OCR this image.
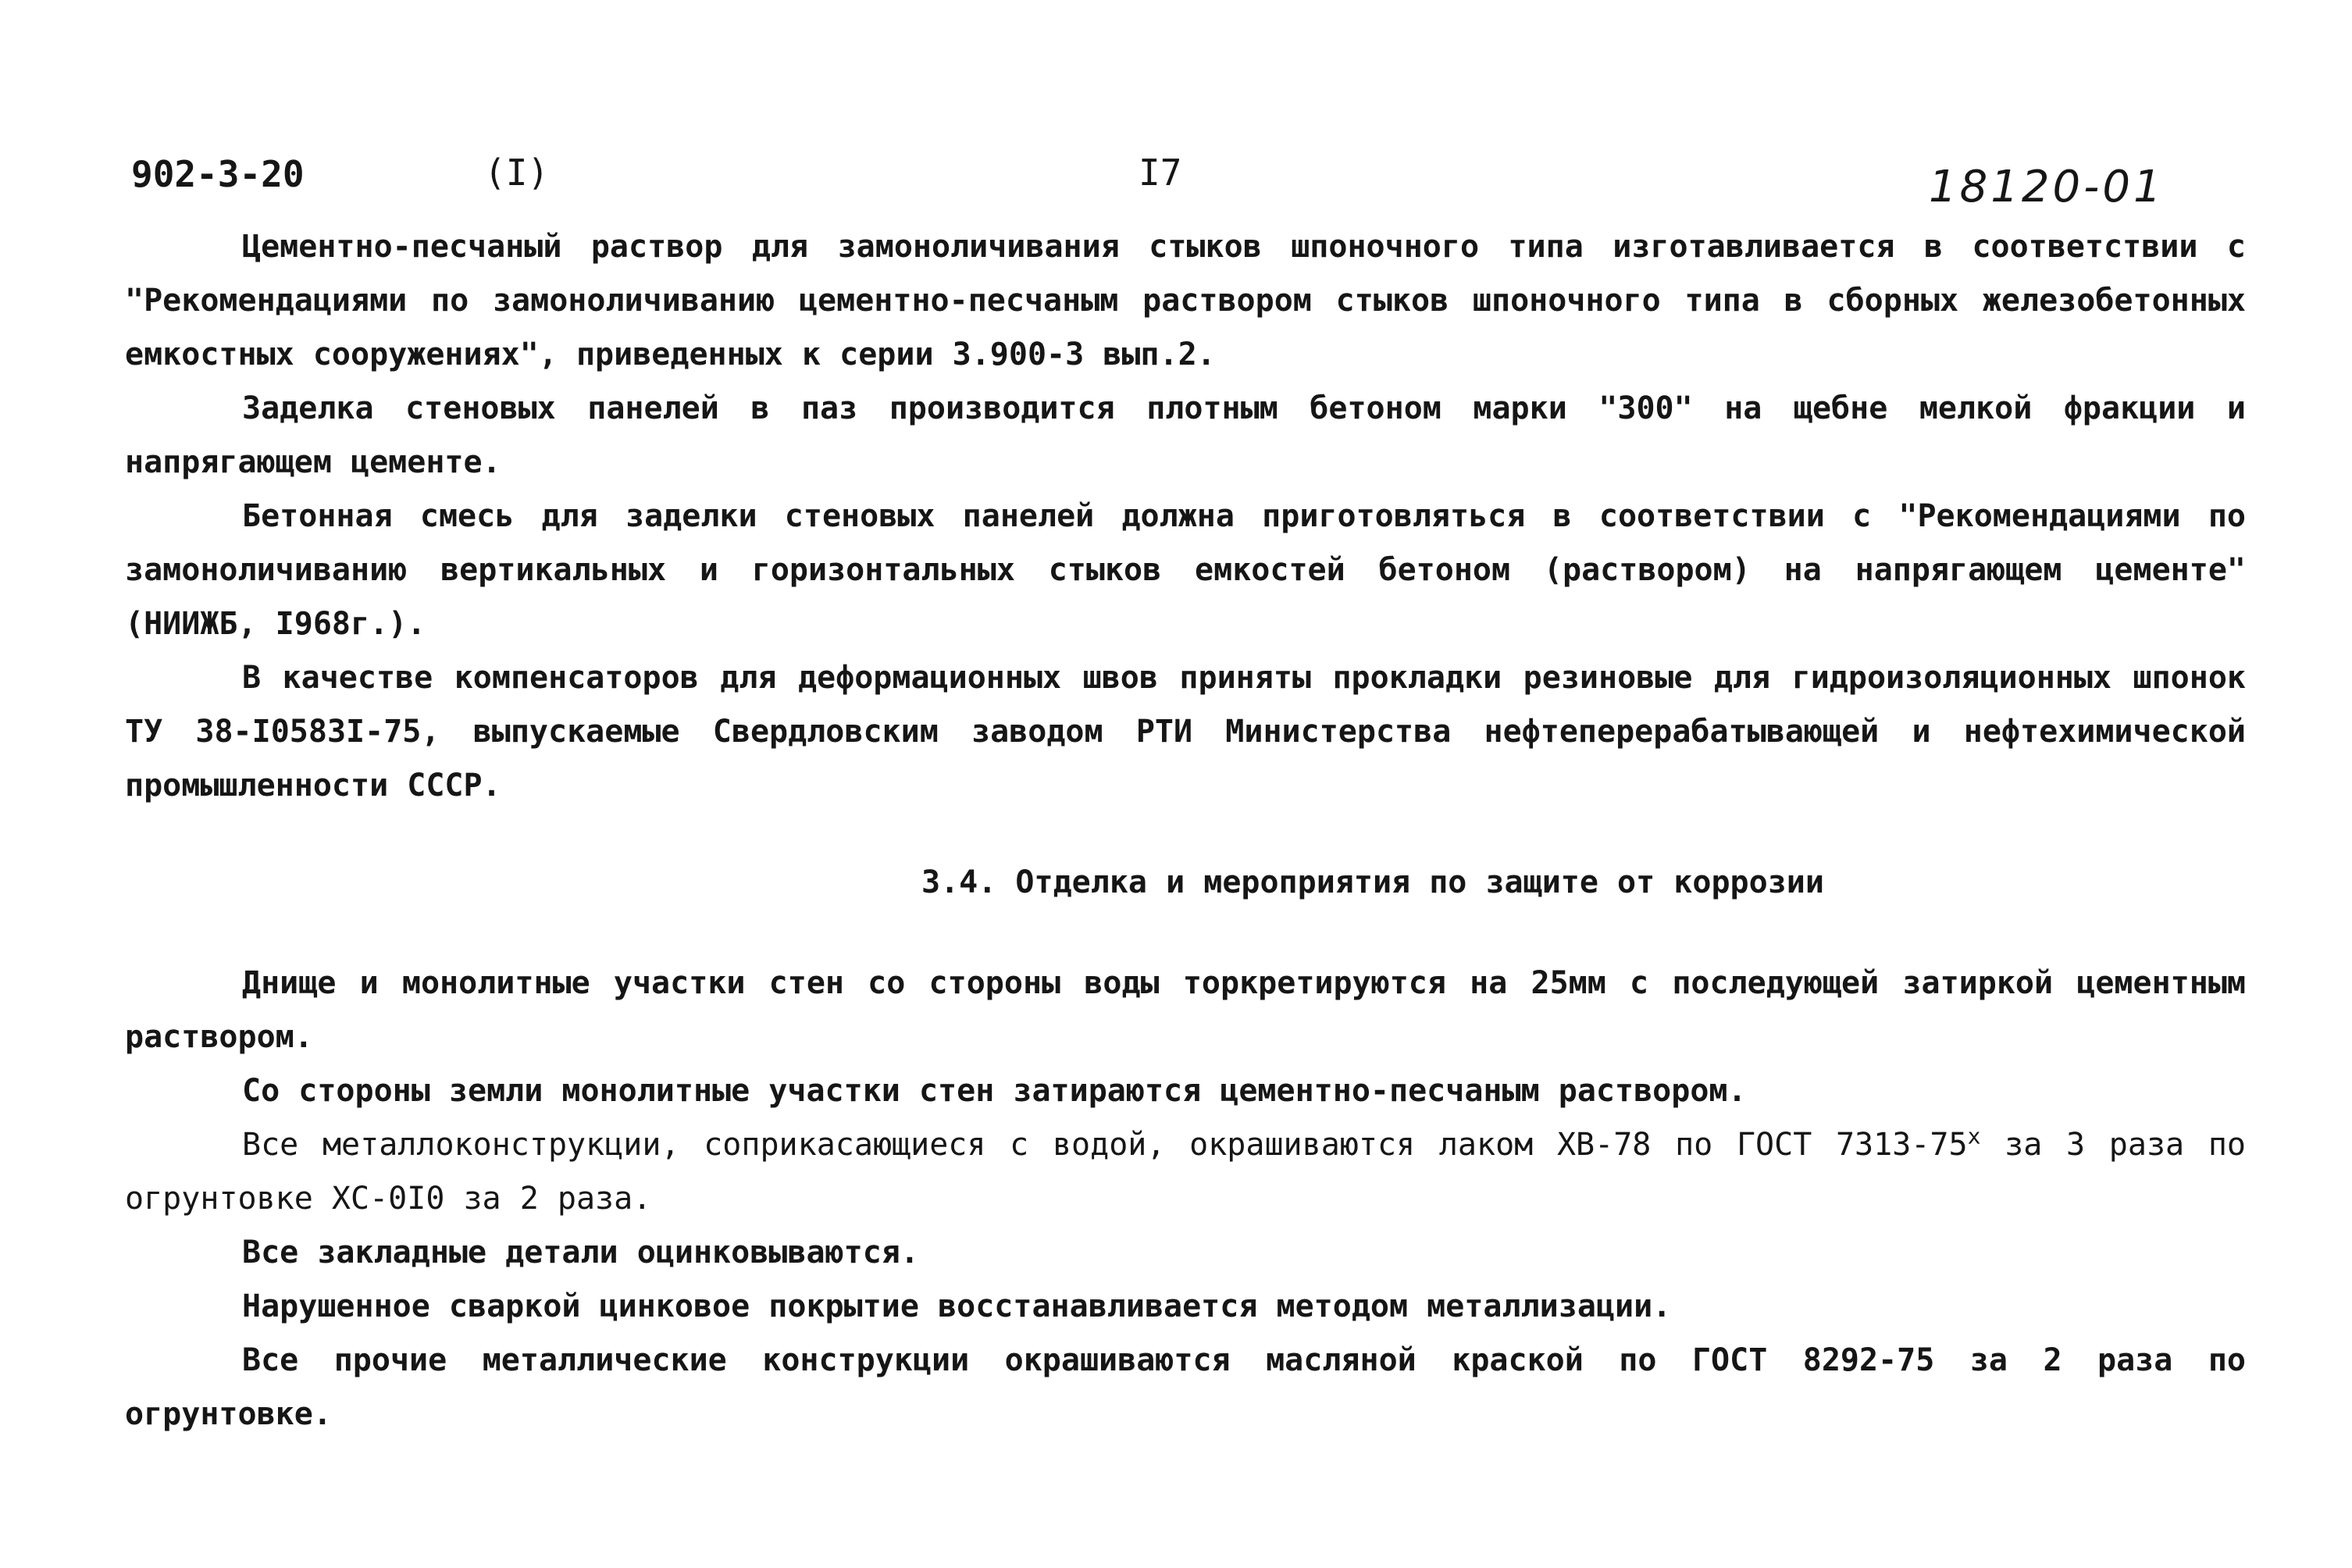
902-3-20	(I)	I7	18120-01

Цементно-песчаный раствор для замоноличивания стыков шпоночного типа изготавливается в соответствии с "Рекомендациями по замоноличиванию цементно-песчаным раствором стыков шпоночного типа в сборных железобетонных емкостных сооружениях", приведенных к серии 3.900-3 вып.2.

Заделка стеновых панелей в паз производится плотным бетоном марки "300" на щебне мелкой фракции и напрягающем цементе.

Бетонная смесь для заделки стеновых панелей должна приготовляться в соответствии с "Рекомендациями по замоноличиванию вертикальных и горизонтальных стыков емкостей бетоном (раствором) на напрягающем цементе" (НИИЖБ, I968г.).

В качестве компенсаторов для деформационных швов приняты прокладки резиновые для гидроизоляционных шпонок ТУ 38-I0583I-75, выпускаемые Свердловским заводом РТИ Министерства нефтеперерабатывающей и нефтехимической промышленности СССР.

3.4. Отделка и мероприятия по защите от коррозии

Днище и монолитные участки стен со стороны воды торкретируются на 25мм с последующей затиркой цементным раствором.

Со стороны земли монолитные участки стен затираются цементно-песчаным раствором.

Все металлоконструкции, соприкасающиеся с водой, окрашиваются лаком ХВ-78 по ГОСТ $7313-75^х$ за 3 раза по огрунтовке ХС-0I0 за 2 раза.

Все закладные детали оцинковываются.

Нарушенное сваркой цинковое покрытие восстанавливается методом металлизации.

Все прочие металлические конструкции окрашиваются масляной краской по ГОСТ 8292-75 за 2 раза по огрунтовке.
